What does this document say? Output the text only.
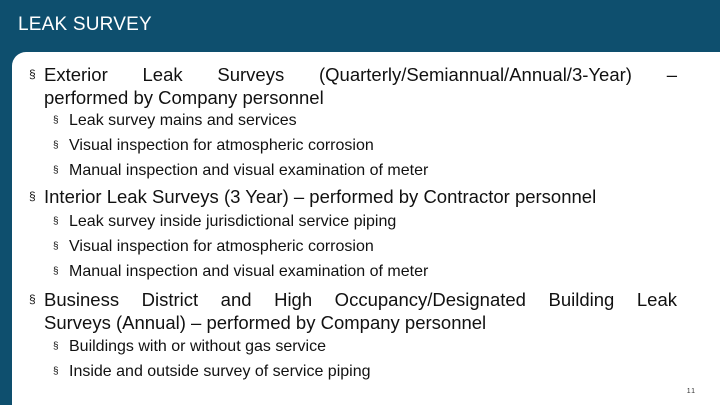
LEAK SURVEY
§ Exterior Leak Surveys (Quarterly/Semiannual/Annual/3-Year) –
performed by Company personnel
§ Leak survey mains and services
§ Visual inspection for atmospheric corrosion
§ Manual inspection and visual examination of meter
§ Interior Leak Surveys (3 Year) – performed by Contractor personnel
§ Leak survey inside jurisdictional service piping
§ Visual inspection for atmospheric corrosion
§ Manual inspection and visual examination of meter
§ Business District and High Occupancy/Designated Building Leak
Surveys (Annual) – performed by Company personnel
§ Buildings with or without gas service
§ Inside and outside survey of service piping
11
